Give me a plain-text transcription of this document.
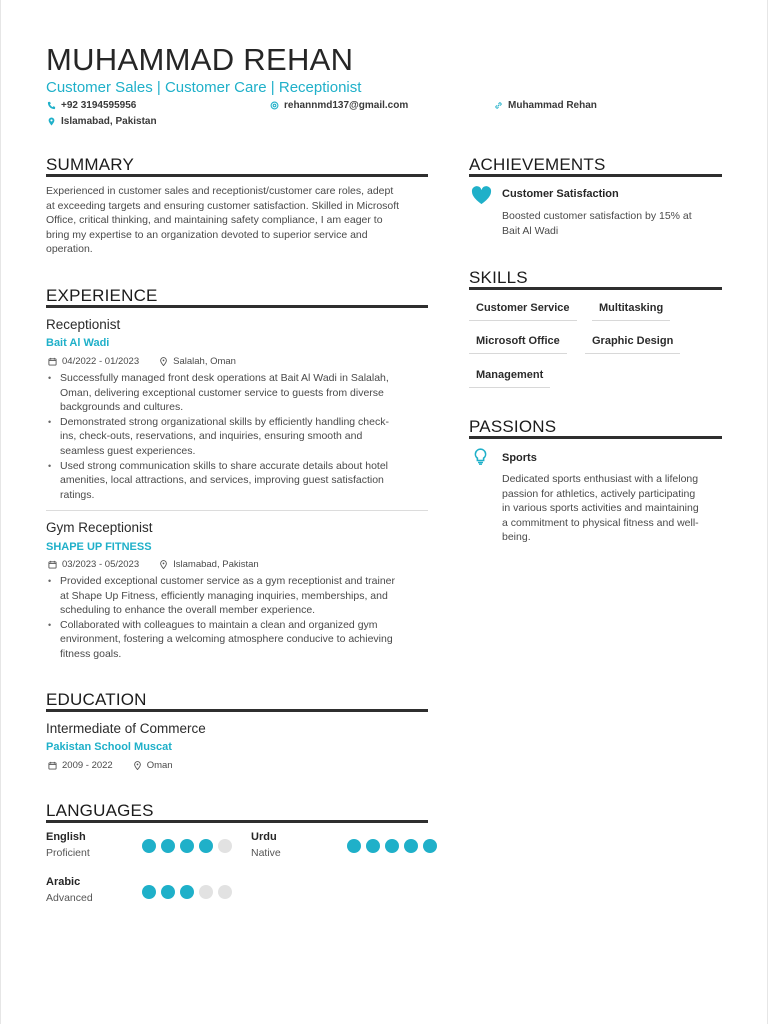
MUHAMMAD REHAN
Customer Sales | Customer Care | Receptionist
+92 3194595956	rehannmd137@gmail.com	Muhammad Rehan
Islamabad, Pakistan
SUMMARY
Experienced in customer sales and receptionist/customer care roles, adept
at exceeding targets and ensuring customer satisfaction. Skilled in Microsoft
Office, critical thinking, and maintaining safety compliance, I am eager to
bring my expertise to an organization devoted to superior service and
operation.
EXPERIENCE
Receptionist
Bait Al Wadi
04/2022 - 01/2023	Salalah, Oman
• Successfully managed front desk operations at Bait Al Wadi in Salalah,
Oman, delivering exceptional customer service to guests from diverse
backgrounds and cultures.
• Demonstrated strong organizational skills by efficiently handling check-
ins, check-outs, reservations, and inquiries, ensuring smooth and
seamless guest experiences.
• Used strong communication skills to share accurate details about hotel
amenities, local attractions, and services, improving guest satisfaction
ratings.
Gym Receptionist
SHAPE UP FITNESS
03/2023 - 05/2023	Islamabad, Pakistan
• Provided exceptional customer service as a gym receptionist and trainer
at Shape Up Fitness, efficiently managing inquiries, memberships, and
scheduling to enhance the overall member experience.
• Collaborated with colleagues to maintain a clean and organized gym
environment, fostering a welcoming atmosphere conducive to achieving
fitness goals.
EDUCATION
Intermediate of Commerce
Pakistan School Muscat
2009 - 2022	Oman
LANGUAGES
English
Proficient
Urdu
Native
Arabic
Advanced
ACHIEVEMENTS
Customer Satisfaction
Boosted customer satisfaction by 15% at
Bait Al Wadi
SKILLS
Customer Service	Multitasking
Microsoft Office	Graphic Design
Management
PASSIONS
Sports
Dedicated sports enthusiast with a lifelong
passion for athletics, actively participating
in various sports activities and maintaining
a commitment to physical fitness and well-
being.
